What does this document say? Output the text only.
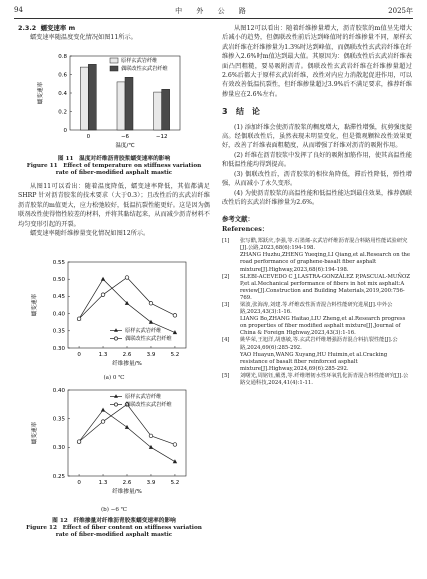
94	中 外 公 路	2025年
2.3.2 蠕变速率 m

蠕变速率随温度变化情况如图11所示。

0.2
0.4
0.6
0.8
0
0	−6	−12
温度/℃
蠕变速率
原样玄武岩纤维
偶联改性玄武岩纤维
图 11　温度对纤维沥青胶浆蠕变速率的影响
Figure 11　Effect of temperature on stiffness variation
rate of fiber-modified asphalt mastic

从图11可以看出：随着温度降低，蠕变速率降低，其值都满足SHRP 针对沥青胶浆的技术要求（大于0.3）；且改性后的玄武岩纤维沥青胶浆的m值更大，应力松弛较好，低温抗裂性能更好。这是因为偶联剂改性使得惰性较差的材料，并将其黏结起来，从而减少沥青材料不均匀变形引起的开裂。

蠕变速率随纤维掺量变化情况如图12所示。

0.30
0.35
0.40
0.45
0.50
0.55
0	1.3	2.6	3.9	5.2
纤维掺量/%
蠕变速率
原样玄武岩纤维
偶联改性玄武岩纤维
(a) 0 ℃
0.25
0.30
0.35
0.40
0	1.3	2.6	3.9	5.2
纤维掺量/%
蠕变速率
原样玄武岩纤维
偶联改性玄武岩纤维
(b) −6 ℃
图 12　纤维掺量对纤维沥青胶浆蠕变速率的影响
Figure 12　Effect of fiber content on stiffness variation
rate of fiber-modified asphalt mastic

从图12可以看出：随着纤维掺量增大，沥青胶浆的m值呈先增大后减小的趋势，但偶联改性前后达到峰值时的纤维掺量不同，原样玄武岩纤维在纤维掺量为1.3%时达到峰值，而偶联改性玄武岩纤维在纤维掺入2.6%时m值达到最大值。其原因为：偶联改性后玄武岩纤维表面凸凹粗糙，要易吸附沥青。偶联改性玄武岩纤维在纤维掺量超过2.6%后都大于原样玄武岩纤维，改性对内应力消散起促进作用，可以有效改善低温抗裂性，但纤维掺量超过3.9%后不满足要求，推荐纤维掺量应在2.6%左右。

3 结　论

(1) 添加纤维会使沥青胶浆的稠度增大，黏滞性增强，抗剪强度提高。经偶联改性后，虽然表现未明显变化，但是微观颗粒改性效果更好，改善了纤维表面粗糙度，从而增强了纤维对沥青的吸附作用。

(2) 纤维在沥青胶浆中发挥了良好的吸附加筋作用，使其高温性能和低温性能均得到提高。

(3) 偶联改性后，沥青胶浆的相位角降低，滞后性降低，弹性增强，从而减小了永久变形。

(4) 为使沥青胶浆的高温性能和低温性能达到最佳效果，推荐偶联改性后的玄武岩纤维掺量为2.6%。

参考文献：
References：
[1]	张写酷,郑跃庆,李强,等.石墨烯-玄武岩纤维沥青混合料路用性能试验研究[J].公路,2023,68(6):194-198.
ZHANG Huzhu,ZHENG Yueqing,LI Qiang,et al.Research on the road performance of graphene-basalt fiber asphalt mixture[J].Highway,2023,68(6):194-198.
[2]	SLEBI-ACEVEDO C J,LASTRA-GONZÁLEZ P,PASCUAL-MUÑOZ P,et al.Mechanical performance of fibers in hot mix asphalt:A review[J].Construction and Building Materials,2019,200:756-769.
[3]	梁波,张海涛,刘建.等.纤维改性沥青混合料性能研究进展[J].中外公路,2023,43(3):1-16.
LIANG Bo,ZHANG Haitao,LIU Zheng,et al.Research progress on properties of fiber modified asphalt mixture[J].Journal of China & Foreign Highway,2023,43(3):1-16.
[4]	姚华荣,王旭洋,胡惠敏,等.玄武岩纤维增强沥青混合料抗裂性能[J].公路,2024,69(6):285-292.
YAO Huayun,WANG Xuyang,HU Huimin,et al.Cracking resistance of basalt fiber reinforced asphalt mixture[J].Highway,2024,69(6):285-292.
[5]	刘曙光,周铭钰,戴勇,等.纤维增韧水性环氧乳化沥青混合料性能研究[J].公路交通科技,2024,41(4):1-11.
